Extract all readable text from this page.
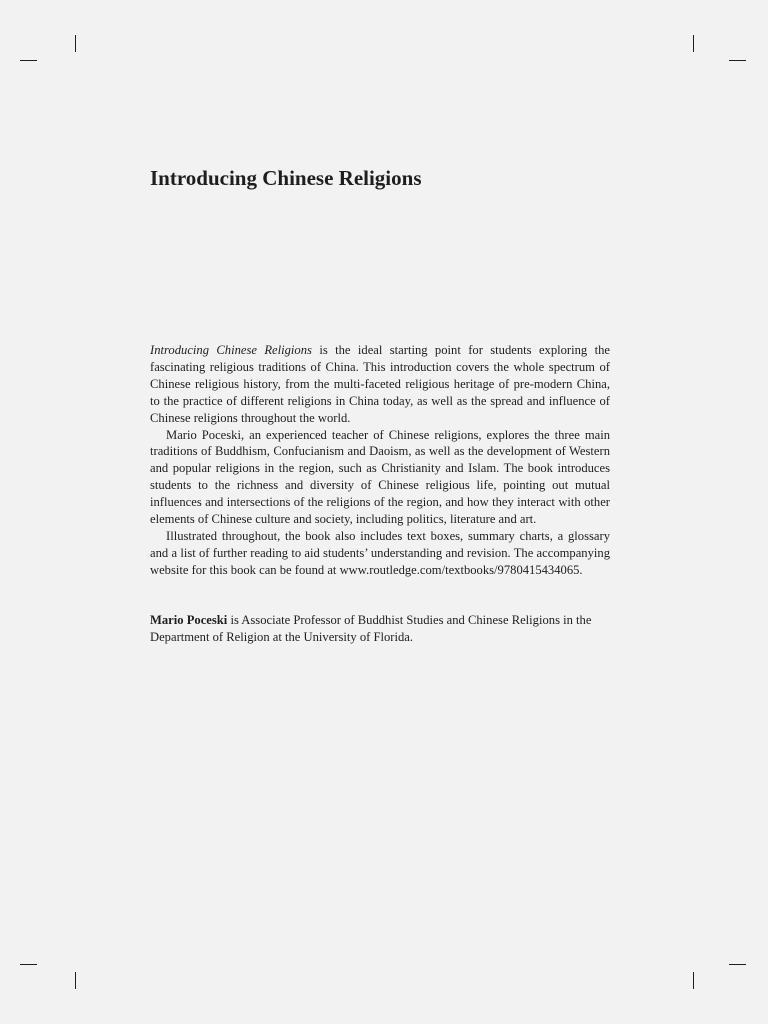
Introducing Chinese Religions

Introducing Chinese Religions is the ideal starting point for students exploring the fascinating religious traditions of China. This introduction covers the whole spectrum of Chinese religious history, from the multi-faceted religious heritage of pre-modern China, to the practice of different religions in China today, as well as the spread and influence of Chinese religions throughout the world.

Mario Poceski, an experienced teacher of Chinese religions, explores the three main traditions of Buddhism, Confucianism and Daoism, as well as the development of Western and popular religions in the region, such as Christianity and Islam. The book introduces students to the richness and diversity of Chinese religious life, pointing out mutual influences and intersections of the religions of the region, and how they interact with other elements of Chinese culture and society, including politics, literature and art.

Illustrated throughout, the book also includes text boxes, summary charts, a glossary and a list of further reading to aid students’ understanding and revision. The accompanying website for this book can be found at www.routledge.com/textbooks/9780415434065.

Mario Poceski is Associate Professor of Buddhist Studies and Chinese Religions in the Department of Religion at the University of Florida.
